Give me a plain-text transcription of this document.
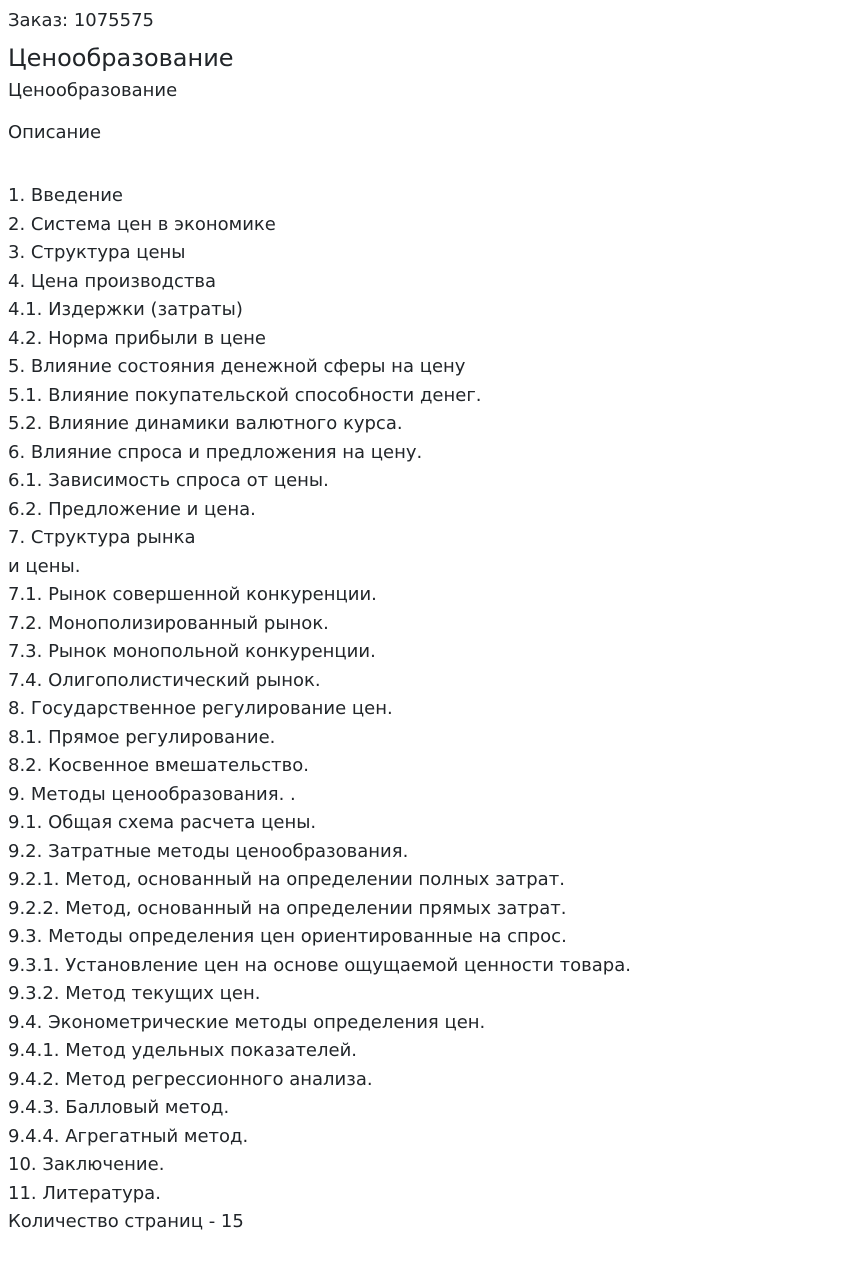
Заказ: 1075575

Ценообразование

Ценообразование

Описание

1. Введение
2. Система цен в экономике
3. Структура цены
4. Цена производства
4.1. Издержки (затраты)
4.2. Норма прибыли в цене
5. Влияние состояния денежной сферы на цену
5.1. Влияние покупательской способности денег.
5.2. Влияние динамики валютного курса.
6. Влияние спроса и предложения на цену.
6.1. Зависимость спроса от цены.
6.2. Предложение и цена.
7. Структура рынка
и цены.
7.1. Рынок совершенной конкуренции.
7.2. Монополизированный рынок.
7.3. Рынок монопольной конкуренции.
7.4. Олигополистический рынок.
8. Государственное регулирование цен.
8.1. Прямое регулирование.
8.2. Косвенное вмешательство.
9. Методы ценообразования. .
9.1. Общая схема расчета цены.
9.2. Затратные методы ценообразования.
9.2.1. Метод, основанный на определении полных затрат.
9.2.2. Метод, основанный на определении прямых затрат.
9.3. Методы определения цен ориентированные на спрос.
9.3.1. Установление цен на основе ощущаемой ценности товара.
9.3.2. Метод текущих цен.
9.4. Эконометрические методы определения цен.
9.4.1. Метод удельных показателей.
9.4.2. Метод регрессионного анализа.
9.4.3. Балловый метод.
9.4.4. Агрегатный метод.
10. Заключение.
11. Литература.

Количество страниц - 15
